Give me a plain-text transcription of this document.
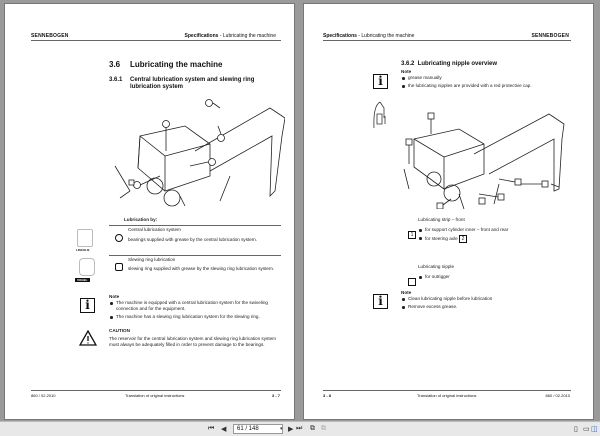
SENNEBOGEN	Specifications - Lubricating the machine
3.6 Lubricating the machine
3.6.1 Central lubrication system and slewing ring lubrication system
Lubrication by:
LINCOLN
Central lubrication system
bearings supplied with grease by the central lubrication system.
VOGEL
Slewing ring lubrication
slewing ring supplied with grease by the slewing ring lubrication system.
i
Note
The machine is equipped with a central lubrication system for the swiveling connection and for the equipment.
The machine has a slewing ring lubrication system for the slewing ring.
CAUTION
The reservoir for the central lubrication system and slewing ring lubrication system must always be adequately filled in order to prevent damage to the bearings.
860 / 02.2010	Translation of original instructions	3 - 7
Specifications - Lubricating the machine	SENNEBOGEN
3.6.2 Lubricating nipple overview
i
Note
grease manually
the lubricating nipples are provided with a red protective cap.
Lubricating strip – front
1
for support cylinder inner – front and rear
for steering axle 2
Lubricating nipple
for outrigger
i
Note
Clean lubricating nipple before lubrication
Remove excess grease.
3 - 8	Translation of original instructions	860 / 02.2010
⏮ ◀	61 / 148	▾ ▶ ⏭ ⧉ ⧉	▯ ▭ ◫
